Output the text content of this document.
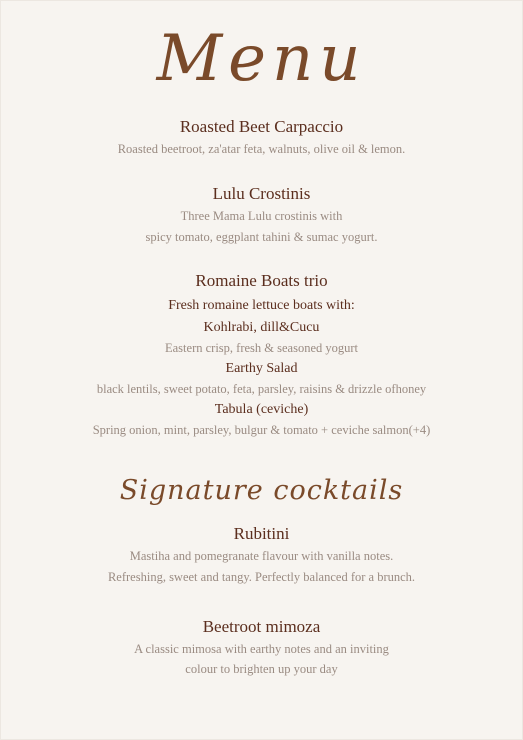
Menu
Roasted Beet Carpaccio
Roasted beetroot, za'atar feta, walnuts, olive oil & lemon.
Lulu Crostinis
Three Mama Lulu crostinis with
spicy tomato, eggplant tahini & sumac yogurt.
Romaine Boats trio
Fresh romaine lettuce boats with:
Kohlrabi, dill&Cucu
Eastern crisp, fresh & seasoned yogurt
Earthy Salad
black lentils, sweet potato, feta, parsley, raisins & drizzle ofhoney
Tabula (ceviche)
Spring onion, mint, parsley, bulgur & tomato + ceviche salmon(+4)
Signature cocktails
Rubitini
Mastiha and pomegranate flavour with vanilla notes.
Refreshing, sweet and tangy. Perfectly balanced for a brunch.
Beetroot mimoza
A classic mimosa with earthy notes and an inviting
colour to brighten up your day
